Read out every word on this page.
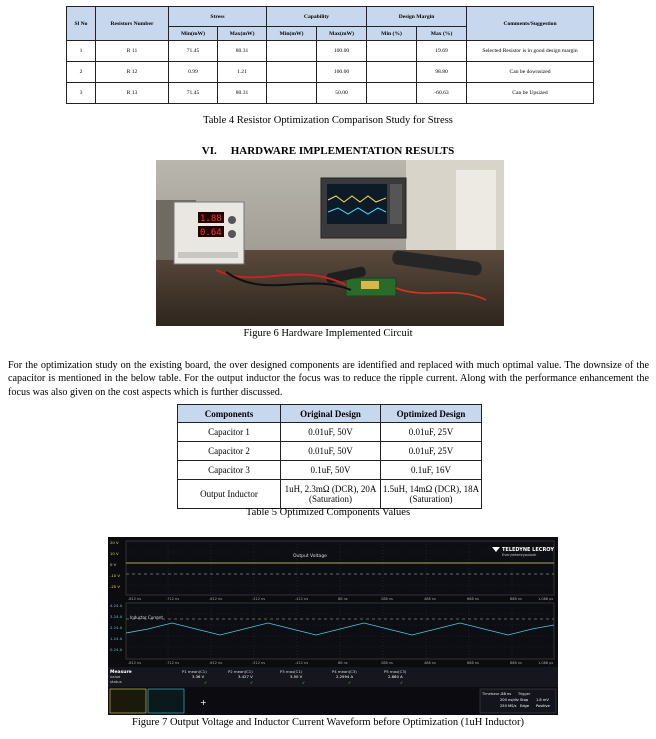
Sl No	Resistors Number	Stress		Capability		Design Margin		Comments/Suggestion
		Min(mW)	Max(mW)	Min(mW)	Max(mW)	Min (%)	Max (%)	
1	R 11	71.45	80.31		100.00		19.69	Selected Resistor is in good design margin
2	R 12	0.99	1.21		100.00		98.80	Can be downsized
3	R 13	71.45	80.31		50.00		-60.63	Can be Upsized
Table 4 Resistor Optimization Comparison Study for Stress
VI. HARDWARE IMPLEMENTATION RESULTS
1.88
0.64
Figure 6 Hardware Implemented Circuit

For the optimization study on the existing board, the over designed components are identified and replaced with much optimal value. The downsize of the capacitor is mentioned in the below table. For the output inductor the focus was to reduce the ripple current. Along with the performance enhancement the focus was also given on the cost aspects which is further discussed.

Components	Original Design	Optimized Design
Capacitor 1	0.01uF, 50V	0.01uF, 25V
Capacitor 2	0.01uF, 50V	0.01uF, 25V
Capacitor 3	0.1uF, 50V	0.1uF, 16V
Output Inductor	1uH, 2.3mΩ (DCR), 20A (Saturation)	1.5uH, 14mΩ (DCR), 18A (Saturation)
Table 5 Optimized Components Values
Output Voltage
20 V
10 V
0 V
-10 V
-20 V
TELEDYNE LECROY
Everywhereyoulook
-812 ns	-712 ns	-612 ns	-512 ns	-412 ns	88 ns	288 ns	488 ns	688 ns	888 ns	1.088 µs
Inductor Current
4.24 A
3.24 A
2.24 A
1.24 A
0.24 A
-812 ns	-712 ns	-612 ns	-512 ns	-412 ns	88 ns	288 ns	488 ns	688 ns	888 ns	1.088 µs
Measure
value
status
P1 mean(C1)
3.36 V
P2 mean(C1)
3.427 V
P3 max(C1)
3.50 V
P4 mean(C3)
2.2994 A
P5 max(C3)
2.880 A
✓	✓	✓	✓	✓
+
Timebase -88 ns Trigger
200 ns/div Stop 1.8 mV
250 MS/s Edge Positive
Figure 7 Output Voltage and Inductor Current Waveform before Optimization (1uH Inductor)
